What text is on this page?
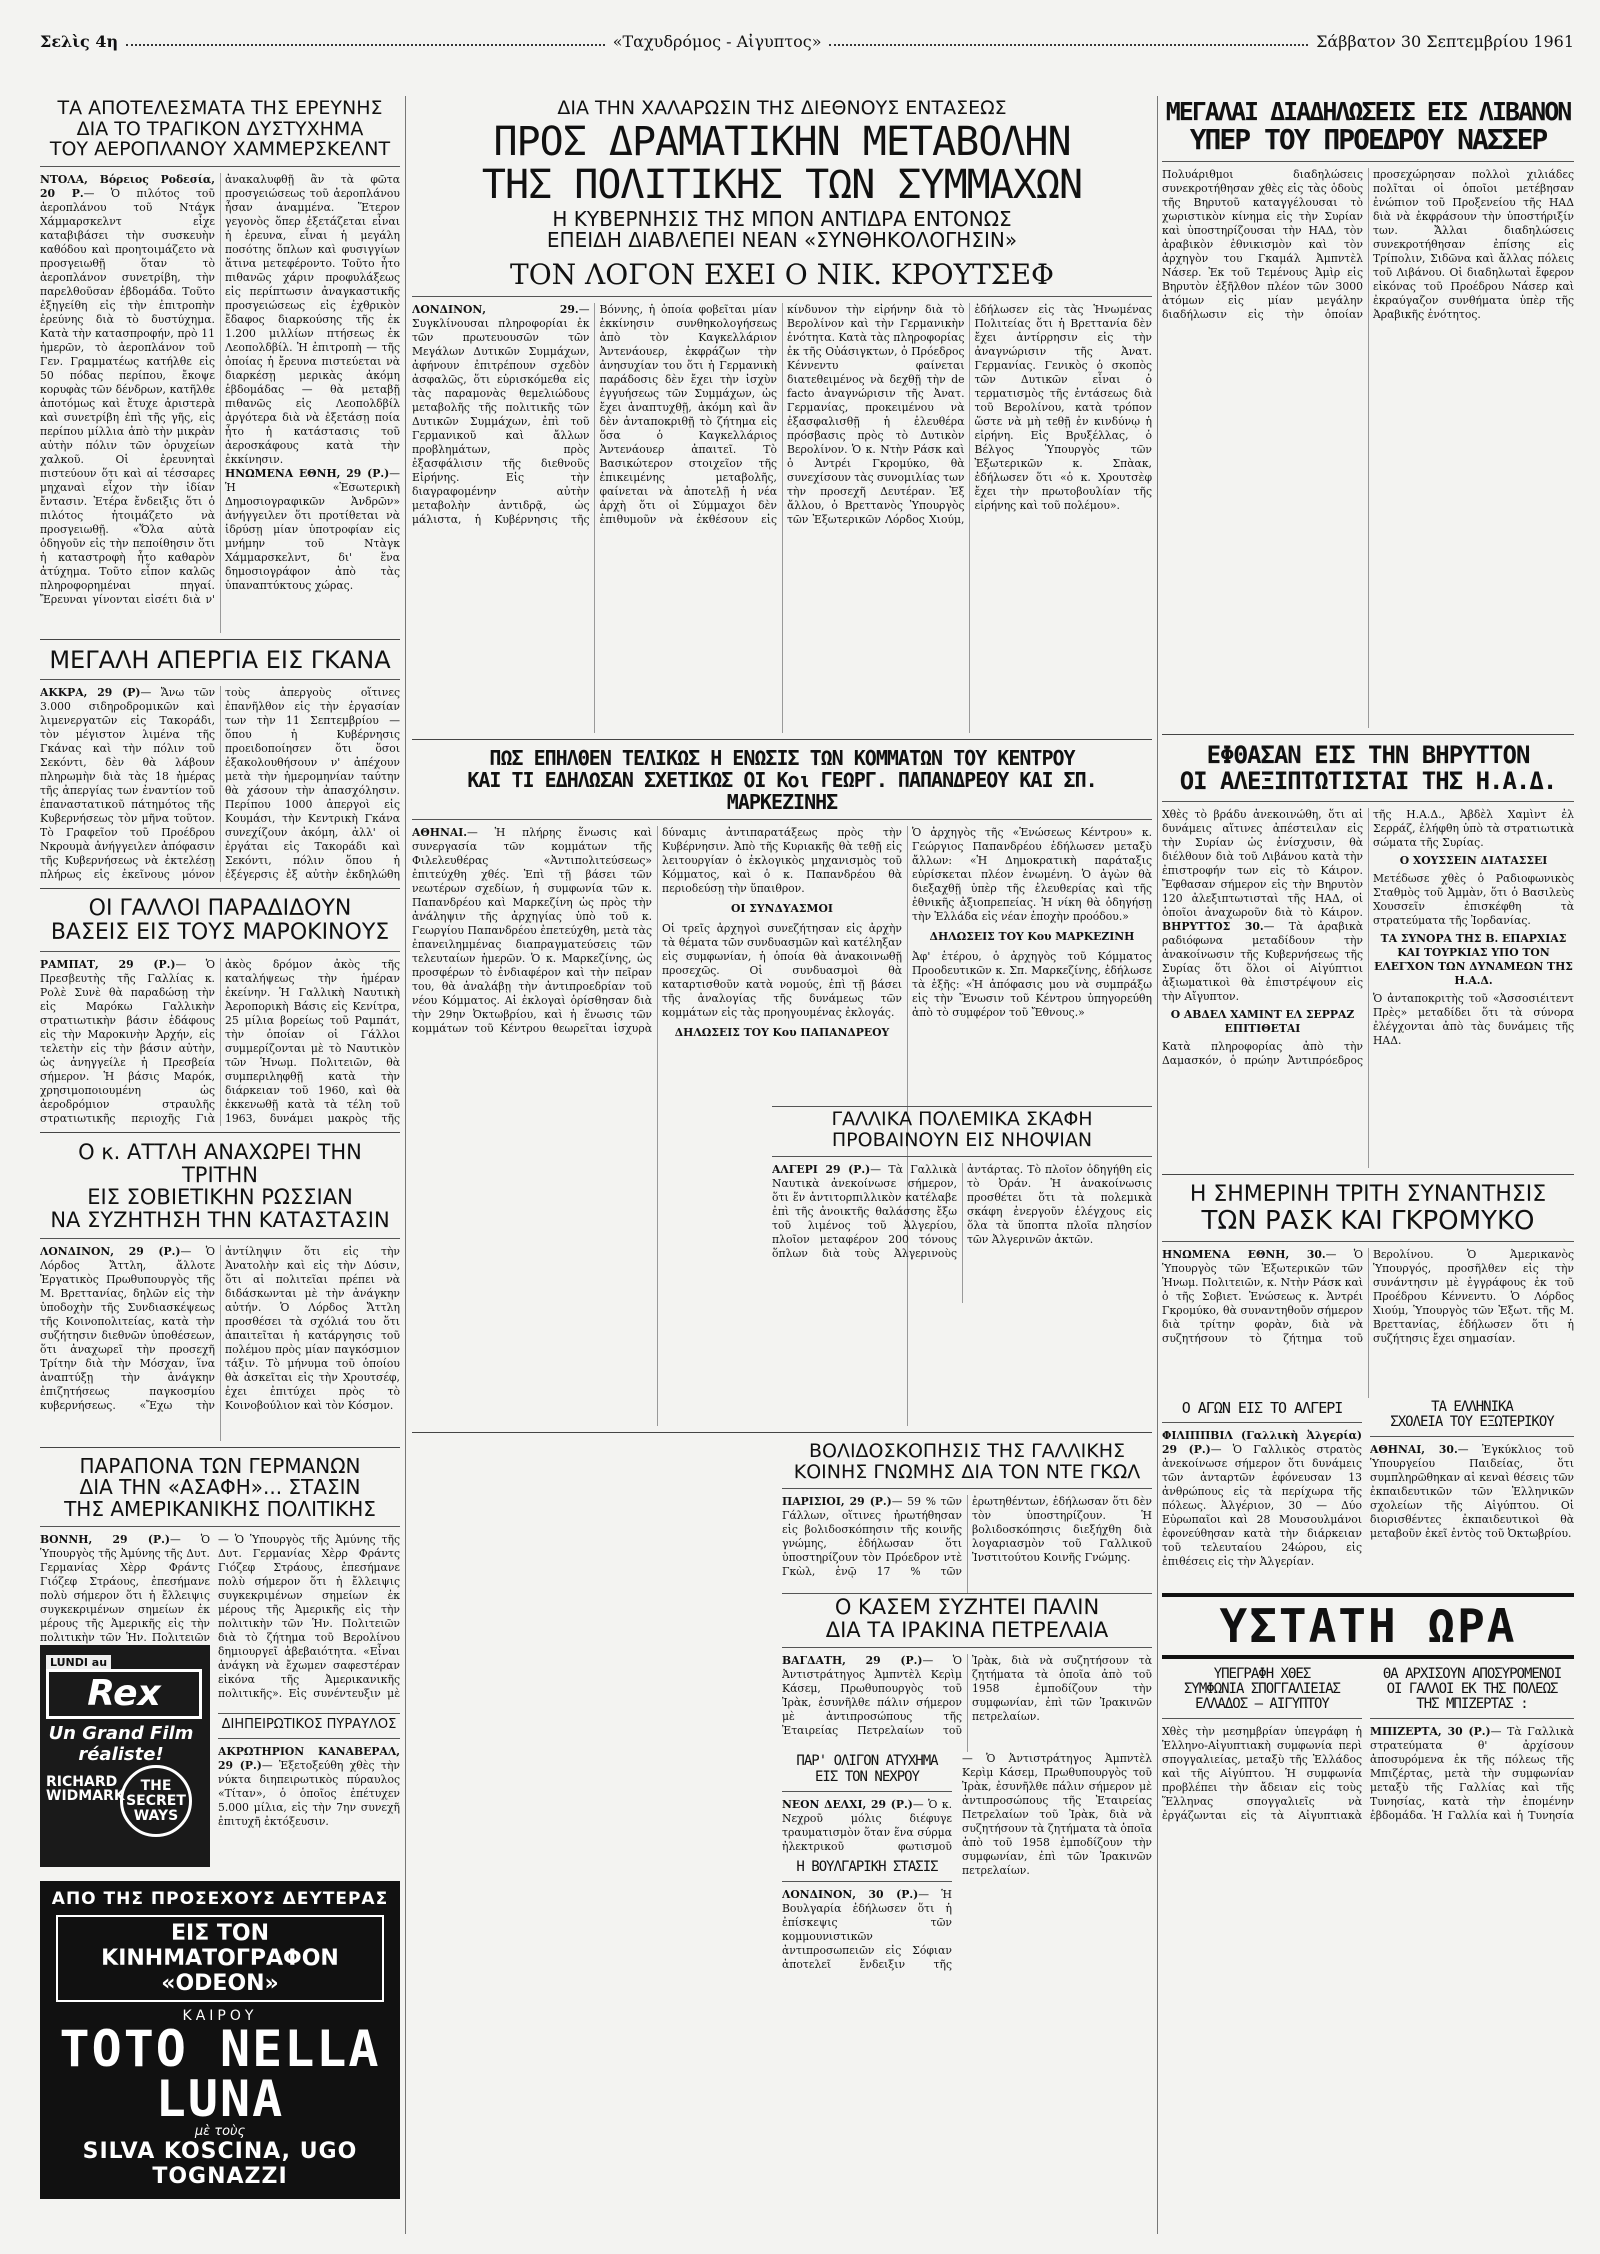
Σελὶς 4η	«Ταχυδρόμος - Αἰγυπτος»	Σάββατον 30 Σεπτεμβρίου 1961
ΤΑ ΑΠΟΤΕΛΕΣΜΑΤΑ ΤΗΣ ΕΡΕΥΝΗΣ
ΔΙΑ ΤΟ ΤΡΑΓΙΚΟΝ ΔΥΣΤΥΧΗΜΑ
ΤΟΥ ΑΕΡΟΠΛΑΝΟΥ ΧΑΜΜΕΡΣΚΕΛΝΤ
ΝΤΟΛΑ, Βόρειος Ροδεσία, 20 Ρ.— Ὁ πιλότος τοῦ ἀεροπλάνου τοῦ Ντάγκ Χάμμαρσκελντ εἶχε καταβιβάσει τὴν συσκευὴν καθόδου καὶ προητοιμάζετο νὰ προσγειωθῇ ὅταν τὸ ἀεροπλάνον συνετρίβη, τὴν παρελθοῦσαν ἑβδομάδα. Τοῦτο ἐξηγείθη εἰς τὴν ἐπιτροπὴν ἐρεύνης διὰ τὸ δυστύχημα. Κατὰ τὴν κατασπροφήν, πρὸ 11 ἡμερῶν, τὸ ἀεροπλάνον τοῦ Γεν. Γραμματέως κατήλθε εἰς 50 πόδας περίπου, ἔκοψε κορυφὰς τῶν δένδρων, κατῆλθε ἀποτόμως καὶ ἔτυχε ἀριστερὰ καὶ συνετρίβη ἐπὶ τῆς γῆς, εἰς περίπου μίλλια ἀπὸ τὴν μικρὰν αὐτὴν πόλιν τῶν ὀρυχείων χαλκοῦ. Οἱ ἐρευνηταὶ πιστεύουν ὅτι καὶ αἱ τέσσαρες μηχαναὶ εἶχον τὴν ἰδίαν ἔντασιν. Ἐτέρα ἔνδειξις ὅτι ὁ πιλότος ἠτοιμάζετο νὰ προσγειωθῇ. «Ὅλα αὐτὰ ὁδηγοῦν εἰς τὴν πεποίθησιν ὅτι ἡ καταστροφὴ ἦτο καθαρὸν ἀτύχημα. Τοῦτο εἶπον καλῶς πληροφορημέναι πηγαί. Ἔρευναι γίνονται εἰσέτι διὰ ν' ἀνακαλυφθῇ ἂν τὰ φῶτα προσγειώσεως τοῦ ἀεροπλάνου ἦσαν ἀναμμένα. Ἕτερον γεγονὸς ὅπερ ἐξετάζεται εἶναι ἡ ἐρευνα, εἶναι ἡ μεγάλη ποσότης ὅπλων καὶ φυσιγγίων ἅτινα μετεφέροντο. Τοῦτο ἦτο πιθανῶς χάριν προφυλάξεως εἰς περίπτωσιν ἀναγκαστικῆς προσγειώσεως εἰς ἐχθρικὸν ἔδαφος διαρκούσης τῆς ἐκ 1.200 μιλλίων πτήσεως ἐκ Λεοπολδβίλ. Ἡ ἐπιτροπὴ — τῆς ὁποίας ἡ ἔρευνα πιστεύεται νὰ διαρκέσῃ μερικὰς ἀκόμη ἑβδομάδας — θὰ μεταβῇ πιθανῶς εἰς Λεοπολδβίλ ἀργότερα διὰ νὰ ἐξετάσῃ ποία ἦτο ἡ κατάστασις τοῦ ἀεροσκάφους κατὰ τὴν ἐκκίνησιν.
ΗΝΩΜΕΝΑ ΕΘΝΗ, 29 (Ρ.)— Ἡ «Ἑσωτερικὴ Δημοσιογραφικῶν Ἀνδρῶν» ἀνήγγειλεν ὅτι προτίθεται νὰ ἱδρύσῃ μίαν ὑποτροφίαν εἰς μνήμην τοῦ Ντὰγκ Χάμμαρσκελντ, δι' ἕνα δημοσιογράφον ἀπὸ τὰς ὑπαναπτύκτους χώρας.
ΜΕΓΑΛΗ ΑΠΕΡΓΙΑ ΕΙΣ ΓΚΑΝΑ
ΑΚΚΡΑ, 29 (Ρ)— Ἄνω τῶν 3.000 σιδηροδρομικῶν καὶ λιμενεργατῶν εἰς Τακοράδι, τὸν μέγιστον λιμένα τῆς Γκάνας καὶ τὴν πόλιν τοῦ Σεκόντι, δὲν θὰ λάβουν πληρωμὴν διὰ τὰς 18 ἡμέρας τῆς ἀπεργίας των ἐναντίον τοῦ ἐπαναστατικοῦ πάτημότος τῆς Κυβερνήσεως τὸν μῆνα τοῦτον. Τὸ Γραφεῖον τοῦ Προέδρου Νκρουμὰ ἀνήγγειλεν ἀπόφασιν τῆς Κυβερνήσεως νὰ ἐκτελέσῃ πλήρως εἰς ἐκεῖνους μόνον τοὺς ἀπεργοὺς οἵτινες ἐπανῆλθον εἰς τὴν ἐργασίαν των τὴν 11 Σεπτεμβρίου — ὅπου ἡ Κυβέρνησις προειδοποίησεν ὅτι ὅσοι ἐξακολουθήσουν ν' ἀπέχουν μετὰ τὴν ἡμερομηνίαν ταύτην θὰ χάσουν τὴν ἀπασχόλησιν. Περίπου 1000 ἀπεργοὶ εἰς Κουμάσι, τὴν Κεντρικὴ Γκάνα συνεχίζουν ἀκόμη, ἀλλ' οἱ ἐργάται εἰς Τακοράδι καὶ Σεκόντι, πόλιν ὅπου ἡ ἐξέγερσις ἐξ αὐτὴν ἐκδηλώθη
ΟΙ ΓΑΛΛΟΙ ΠΑΡΑΔΙΔΟΥΝ
ΒΑΣΕΙΣ ΕΙΣ ΤΟΥΣ ΜΑΡΟΚΙΝΟΥΣ
ΡΑΜΠΑΤ, 29 (Ρ.)— Ὁ Πρεσβευτὴς τῆς Γαλλίας κ. Ρολὲ Συνὲ θὰ παραδώσῃ τὴν εἰς Μαρόκω Γαλλικὴν στρατιωτικὴν βάσιν ἐδάφους εἰς τὴν Μαροκινὴν Ἀρχήν, εἰς τελετὴν εἰς τὴν βάσιν αὐτὴν, ὡς ἀνηγγείλε ἡ Πρεσβεία σήμερον. Ἡ βάσις Μαρόκ, χρησιμοποιουμένη ὡς ἀεροδρόμιον στραυλῆς στρατιωτικῆς περιοχῆς Γιὰ ἀκὸς δρόμον ἀκὸς τῆς καταλήψεως τὴν ἡμέραν ἐκείνην. Ἡ Γαλλικὴ Ναυτικὴ Ἀεροπορικὴ Βάσις εἰς Κενίτρα, 25 μίλια βορείως τοῦ Ραμπάτ, τὴν ὁποίαν οἱ Γάλλοι συμμερίζονται μὲ τὸ Ναυτικὸν τῶν Ἡνωμ. Πολιτειῶν, θὰ συμπεριληφθῇ κατὰ τὴν διάρκειαν τοῦ 1960, καὶ θὰ ἐκκενωθῇ κατὰ τὰ τέλη τοῦ 1963, δυνάμει μακρὸς τῆς
Ο κ. ΑΤΤΛΗ ΑΝΑΧΩΡΕΙ ΤΗΝ ΤΡΙΤΗΝ
ΕΙΣ ΣΟΒΙΕΤΙΚΗΝ ΡΩΣΣΙΑΝ
ΝΑ ΣΥΖΗΤΗΣΗ ΤΗΝ ΚΑΤΑΣΤΑΣΙΝ
ΛΟΝΔΙΝΟΝ, 29 (Ρ.)— Ὁ Λόρδος Ἄττλη, ἄλλοτε Ἐργατικὸς Πρωθυπουργὸς τῆς Μ. Βρεττανίας, δηλῶν εἰς τὴν ὑποδοχὴν τῆς Συνδιασκέψεως τῆς Κοινοπολιτείας, κατὰ τὴν συζήτησιν διεθνῶν ὑποθέσεων, ὅτι ἀναχωρεῖ τὴν προσεχῆ Τρίτην διὰ τὴν Μόσχαν, ἵνα ἀναπτύξῃ τὴν ἀνάγκην ἐπιζητήσεως παγκοσμίου κυβερνήσεως. «Ἔχω τὴν ἀντίληψιν ὅτι εἰς τὴν Ἀνατολὴν καὶ εἰς τὴν Δύσιν, ὅτι αἱ πολιτεῖαι πρέπει νὰ διδάσκωνται μὲ τὴν ἀνάγκην αὐτήν. Ὁ Λόρδος Ἄττλη προσθέσει τὰ σχόλιά του ὅτι ἀπαιτεῖται ἡ κατάργησις τοῦ πολέμου πρὸς μίαν παγκόσμιον τάξιν. Τὸ μήνυμα τοῦ ὁποίου θὰ ἀσκεῖται εἰς τὴν Χρουτσέφ, ἐχει ἐπιτύχει πρὸς τὸ Κοινοβούλιον καὶ τὸν Κόσμον.
ΠΑΡΑΠΟΝΑ ΤΩΝ ΓΕΡΜΑΝΩΝ
ΔΙΑ ΤΗΝ «ΑΣΑΦΗ»... ΣΤΑΣΙΝ
ΤΗΣ ΑΜΕΡΙΚΑΝΙΚΗΣ ΠΟΛΙΤΙΚΗΣ
ΒΟΝΝΗ, 29 (Ρ.)— Ὁ Ὑπουργὸς τῆς Ἀμύνης τῆς Δυτ. Γερμανίας Χὲρρ Φράντς Γιόζεφ Στράους, ἐπεσήμανε πολὺ σήμερον ὅτι ἡ ἔλλειψις συγκεκριμένων σημείων ἐκ μέρους τῆς Ἀμερικῆς εἰς τὴν πολιτικὴν τῶν Ἡν. Πολιτειῶν
LUNDI au
Rex
Un Grand Film réaliste!
RICHARD WIDMARK
THE SECRET WAYS
— Ὁ Ὑπουργὸς τῆς Ἀμύνης τῆς Δυτ. Γερμανίας Χὲρρ Φράντς Γιόζεφ Στράους, ἐπεσήμανε πολὺ σήμερον ὅτι ἡ ἔλλειψις συγκεκριμένων σημείων ἐκ μέρους τῆς Ἀμερικῆς εἰς τὴν πολιτικὴν τῶν Ἡν. Πολιτειῶν διὰ τὸ ζήτημα τοῦ Βερολίνου δημιουργεῖ ἀβεβαιότητα. «Εἶναι ἀνάγκη νὰ ἔχωμεν σαφεστέραν εἰκόνα τῆς Ἀμερικανικῆς πολιτικῆς». Εἰς συνέντευξιν μὲ
ΔΙΗΠΕΙΡΩΤΙΚΟΣ ΠΥΡΑΥΛΟΣ
ΑΚΡΩΤΗΡΙΟΝ ΚΑΝΑΒΕΡΑΛ, 29 (Ρ.)— Ἐξετοξεύθη χθὲς τὴν νύκτα διηπειρωτικὸς πύραυλος «Τίταν», ὁ ὁποῖος ἐπέτυχεν 5.000 μίλια, εἰς τὴν 7ην συνεχῆ ἐπιτυχῆ ἐκτόξευσιν.
ΑΠΟ ΤΗΣ ΠΡΟΣΕΧΟΥΣ ΔΕΥΤΕΡΑΣ
ΕΙΣ ΤΟΝ ΚΙΝΗΜΑΤΟΓΡΑΦΟΝ «ODEON»
ΚΑΙΡΟΥ
TOTO NELLA LUNA
μὲ τοὺς
SILVA KOSCINA, UGO TOGNAZZI
ΔΙΑ ΤΗΝ ΧΑΛΑΡΩΣΙΝ ΤΗΣ ΔΙΕΘΝΟΥΣ ΕΝΤΑΣΕΩΣ
ΠΡΟΣ ΔΡΑΜΑΤΙΚΗΝ ΜΕΤΑΒΟΛΗΝ
ΤΗΣ ΠΟΛΙΤΙΚΗΣ ΤΩΝ ΣΥΜΜΑΧΩΝ
Η ΚΥΒΕΡΝΗΣΙΣ ΤΗΣ ΜΠΟΝ ΑΝΤΙΔΡΑ ΕΝΤΟΝΩΣ
ΕΠΕΙΔΗ ΔΙΑΒΛΕΠΕΙ ΝΕΑΝ «ΣΥΝΘΗΚΟΛΟΓΗΣΙΝ»
ΤΟΝ ΛΟΓΟΝ ΕΧΕΙ Ο ΝΙΚ. ΚΡΟΥΤΣΕΦ
ΛΟΝΔΙΝΟΝ, 29.— Συγκλίνουσαι πληροφορίαι ἐκ τῶν πρωτευουσῶν τῶν Μεγάλων Δυτικῶν Συμμάχων, ἀφήνουν ἐπιτρέπουν σχεδὸν ἀσφαλῶς, ὅτι εὑρισκόμεθα εἰς τὰς παραμονὰς θεμελιώδους μεταβολῆς τῆς πολιτικῆς τῶν Δυτικῶν Συμμάχων, ἐπὶ τοῦ Γερμανικοῦ καὶ ἄλλων προβλημάτων, πρὸς ἐξασφάλισιν τῆς διεθνοῦς Εἰρήνης. Εἰς τὴν διαγραφομένην αὐτὴν μεταβολὴν ἀντιδρᾷ, ὡς μάλιστα, ἡ Κυβέρνησις τῆς Βόννης, ἡ ὁποία φοβεῖται μίαν ἐκκίνησιν συνθηκολογήσεως ἀπὸ τὸν Καγκελλάριον Ἀντενάουερ, ἐκφράζων τὴν ἀνησυχίαν του ὅτι ἡ Γερμανικὴ παράδοσις δὲν ἔχει τὴν ἰσχὺν ἐγγυήσεως τῶν Συμμάχων, ὡς ἔχει ἀναπτυχθῇ, ἀκόμη καὶ ἂν δὲν ἀνταποκριθῇ τὸ ζήτημα εἰς ὅσα ὁ Καγκελλάριος Ἀντενάουερ ἀπαιτεῖ. Τὸ Βασικώτερον στοιχεῖον τῆς ἐπικειμένης μεταβολῆς, φαίνεται νὰ ἀποτελῇ ἡ νέα ἀρχὴ ὅτι οἱ Σύμμαχοι δὲν ἐπιθυμοῦν νὰ ἐκθέσουν εἰς κίνδυνον τὴν εἰρήνην διὰ τὸ Βερολίνον καὶ τὴν Γερμανικὴν ἑνότητα. Κατὰ τὰς πληροφορίας ἐκ τῆς Οὐάσιγκτων, ὁ Πρόεδρος Κέννεντυ φαίνεται διατεθειμένος νὰ δεχθῇ τὴν de facto ἀναγνώρισιν τῆς Ἀνατ. Γερμανίας, προκειμένου νὰ ἐξασφαλισθῇ ἡ ἐλευθέρα πρόσβασις πρὸς τὸ Δυτικὸν Βερολίνον. Ὁ κ. Ντὴν Ράσκ καὶ ὁ Ἀντρέι Γκρομύκο, θὰ συνεχίσουν τὰς συνομιλίας των τὴν προσεχῆ Δευτέραν. Ἐξ ἄλλου, ὁ Βρεττανὸς Ὑπουργὸς τῶν Ἐξωτερικῶν Λόρδος Χιούμ, ἐδήλωσεν εἰς τὰς Ἡνωμένας Πολιτείας ὅτι ἡ Βρεττανία δὲν ἔχει ἀντίρρησιν εἰς τὴν ἀναγνώρισιν τῆς Ἀνατ. Γερμανίας. Γενικὸς ὁ σκοπὸς τῶν Δυτικῶν εἶναι ὁ τερματισμὸς τῆς ἐντάσεως διὰ τοῦ Βερολίνου, κατὰ τρόπον ὥστε νὰ μὴ τεθῇ ἐν κινδύνῳ ἡ εἰρήνη. Εἰς Βρυξέλλας, ὁ Βέλγος Ὑπουργὸς τῶν Ἐξωτερικῶν κ. Σπὰακ, ἐδήλωσεν ὅτι «ὁ κ. Χρουτσὲφ ἔχει τὴν πρωτοβουλίαν τῆς εἰρήνης καὶ τοῦ πολέμου».
ΠΩΣ ΕΠΗΛΘΕΝ ΤΕΛΙΚΩΣ Η ΕΝΩΣΙΣ ΤΩΝ ΚΟΜΜΑΤΩΝ ΤΟΥ ΚΕΝΤΡΟΥ
ΚΑΙ ΤΙ ΕΔΗΛΩΣΑΝ ΣΧΕΤΙΚΩΣ ΟΙ Κοι ΓΕΩΡΓ. ΠΑΠΑΝΔΡΕΟΥ ΚΑΙ ΣΠ. ΜΑΡΚΕΖΙΝΗΣ
ΑΘΗΝΑΙ.— Ἡ πλήρης ἕνωσις καὶ συνεργασία τῶν κομμάτων τῆς Φιλελευθέρας «Ἀντιπολιτεύσεως» ἐπιτεύχθη χθές. Ἐπὶ τῇ βάσει τῶν νεωτέρων σχεδίων, ἡ συμφωνία τῶν κ. Παπανδρέου καὶ Μαρκεζίνη ὡς πρὸς τὴν ἀνάληψιν τῆς ἀρχηγίας ὑπὸ τοῦ κ. Γεωργίου Παπανδρέου ἐπετεύχθη, μετὰ τὰς ἐπανειλημμένας διαπραγματεύσεις τῶν τελευταίων ἡμερῶν. Ὁ κ. Μαρκεζίνης, ὡς προσφέρων τὸ ἐνδιαφέρον καὶ τὴν πεῖραν του, θὰ ἀναλάβῃ τὴν ἀντιπροεδρίαν τοῦ νέου Κόμματος. Αἱ ἐκλογαὶ ὁρίσθησαν διὰ τὴν 29ην Ὀκτωβρίου, καὶ ἡ ἕνωσις τῶν κομμάτων τοῦ Κέντρου θεωρεῖται ἰσχυρὰ δύναμις ἀντιπαρατάξεως πρὸς τὴν Κυβέρνησιν. Ἀπὸ τῆς Κυριακῆς θὰ τεθῇ εἰς λειτουργίαν ὁ ἐκλογικὸς μηχανισμὸς τοῦ Κόμματος, καὶ ὁ κ. Παπανδρέου θὰ περιοδεύσῃ τὴν ὕπαιθρον.
ΟΙ ΣΥΝΔΥΑΣΜΟΙ
Οἱ τρεῖς ἀρχηγοὶ συνεζήτησαν εἰς ἀρχὴν τὰ θέματα τῶν συνδυασμῶν καὶ κατέληξαν εἰς συμφωνίαν, ἡ ὁποία θὰ ἀνακοινωθῇ προσεχῶς. Οἱ συνδυασμοὶ θὰ καταρτισθοῦν κατὰ νομούς, ἐπὶ τῇ βάσει τῆς ἀναλογίας τῆς δυνάμεως τῶν κομμάτων εἰς τὰς προηγουμένας ἐκλογάς.
ΔΗΛΩΣΕΙΣ ΤΟΥ Κου ΠΑΠΑΝΔΡΕΟΥ
Ὁ ἀρχηγὸς τῆς «Ἑνώσεως Κέντρου» κ. Γεώργιος Παπανδρέου ἐδήλωσεν μεταξὺ ἄλλων: «Ἡ Δημοκρατικὴ παράταξις εὑρίσκεται πλέον ἑνωμένη. Ὁ ἀγὼν θὰ διεξαχθῇ ὑπὲρ τῆς ἐλευθερίας καὶ τῆς ἐθνικῆς ἀξιοπρεπείας. Ἡ νίκη θὰ ὁδηγήσῃ τὴν Ἑλλάδα εἰς νέαν ἐποχὴν προόδου.»
ΔΗΛΩΣΕΙΣ ΤΟΥ Κου ΜΑΡΚΕΖΙΝΗ
Ἀφ' ἑτέρου, ὁ ἀρχηγὸς τοῦ Κόμματος Προοδευτικῶν κ. Σπ. Μαρκεζίνης, ἐδήλωσε τὰ ἑξῆς: «Ἡ ἀπόφασις μου νὰ συμπράξω εἰς τὴν Ἕνωσιν τοῦ Κέντρου ὑπηγορεύθη ἀπὸ τὸ συμφέρον τοῦ Ἔθνους.»
ΓΑΛΛΙΚΑ ΠΟΛΕΜΙΚΑ ΣΚΑΦΗ
ΠΡΟΒΑΙΝΟΥΝ ΕΙΣ ΝΗΟΨΙΑΝ
ΑΛΓΕΡΙ 29 (Ρ.)— Τὰ Γαλλικὰ Ναυτικὰ ἀνεκοίνωσε σήμερον, ὅτι ἕν ἀντιτορπιλλικὸν κατέλαβε ἐπὶ τῆς ἀνοικτῆς θαλάσσης ἔξω τοῦ λιμένος τοῦ Ἀλγερίου, πλοῖον μεταφέρον 200 τόνους ὅπλων διὰ τοὺς Ἀλγερινοὺς ἀντάρτας. Τὸ πλοῖον ὁδηγήθη εἰς τὸ Ὀράν. Ἡ ἀνακοίνωσις προσθέτει ὅτι τὰ πολεμικὰ σκάφη ἐνεργοῦν ἐλέγχους εἰς ὅλα τὰ ὕποπτα πλοῖα πλησίον τῶν Ἀλγερινῶν ἀκτῶν.
ΒΟΛΙΔΟΣΚΟΠΗΣΙΣ ΤΗΣ ΓΑΛΛΙΚΗΣ
ΚΟΙΝΗΣ ΓΝΩΜΗΣ ΔΙΑ ΤΟΝ ΝΤΕ ΓΚΩΛ
ΠΑΡΙΣΙΟΙ, 29 (Ρ.)— 59 % τῶν Γάλλων, οἵτινες ἠρωτήθησαν εἰς βολιδοσκόπησιν τῆς κοινῆς γνώμης, ἐδήλωσαν ὅτι ὑποστηρίζουν τὸν Πρόεδρον ντὲ Γκὼλ, ἐνῷ 17 % τῶν ἐρωτηθέντων, ἐδήλωσαν ὅτι δὲν τὸν ὑποστηρίζουν. Ἡ βολιδοσκόπησις διεξήχθη διὰ λογαριασμὸν τοῦ Γαλλικοῦ Ἰνστιτούτου Κοινῆς Γνώμης.
Ο ΚΑΣΕΜ ΣΥΖΗΤΕΙ ΠΑΛΙΝ
ΔΙΑ ΤΑ ΙΡΑΚΙΝΑ ΠΕΤΡΕΛΑΙΑ
ΒΑΓΔΑΤΗ, 29 (Ρ.)— Ὁ Ἀντιστράτηγος Ἀμπντὲλ Κερὶμ Κάσεμ, Πρωθυπουργὸς τοῦ Ἰρὰκ, ἐσυνῆλθε πάλιν σήμερον μὲ ἀντιπροσώπους τῆς Ἐταιρείας Πετρελαίων τοῦ Ἰρὰκ, διὰ νὰ συζητήσουν τὰ ζητήματα τὰ ὁποῖα ἀπὸ τοῦ 1958 ἐμποδίζουν τὴν συμφωνίαν, ἐπὶ τῶν Ἰρακινῶν πετρελαίων.
ΠΑΡ' ΟΛΙΓΟΝ ΑΤΥΧΗΜΑ
ΕΙΣ ΤΟΝ ΝΕΧΡΟΥ
ΝΕΟΝ ΔΕΛΧΙ, 29 (Ρ.)— Ὁ κ. Νεχροῦ μόλις διέφυγε τραυματισμὸν ὅταν ἕνα σύρμα ἠλεκτρικοῦ φωτισμοῦ
Η ΒΟΥΛΓΑΡΙΚΗ ΣΤΑΣΙΣ
ΛΟΝΔΙΝΟΝ, 30 (Ρ.)— Ἡ Βουλγαρία ἐδήλωσεν ὅτι ἡ ἐπίσκεψις τῶν κομμουνιστικῶν ἀντιπροσωπειῶν εἰς Σόφιαν ἀποτελεῖ ἔνδειξιν τῆς
— Ὁ Ἀντιστράτηγος Ἀμπντὲλ Κερὶμ Κάσεμ, Πρωθυπουργὸς τοῦ Ἰρὰκ, ἐσυνῆλθε πάλιν σήμερον μὲ ἀντιπροσώπους τῆς Ἐταιρείας Πετρελαίων τοῦ Ἰρὰκ, διὰ νὰ συζητήσουν τὰ ζητήματα τὰ ὁποῖα ἀπὸ τοῦ 1958 ἐμποδίζουν τὴν συμφωνίαν, ἐπὶ τῶν Ἰρακινῶν πετρελαίων.
ΜΕΓΑΛΑΙ ΔΙΑΔΗΛΩΣΕΙΣ ΕΙΣ ΛΙΒΑΝΟΝ
ΥΠΕΡ ΤΟΥ ΠΡΟΕΔΡΟΥ ΝΑΣΣΕΡ
Πολυάριθμοι διαδηλώσεις συνεκροτήθησαν χθὲς εἰς τὰς ὁδοὺς τῆς Βηρυτοῦ καταγγέλουσαι τὸ χωριστικὸν κίνημα εἰς τὴν Συρίαν καὶ ὑποστηρίζουσαι τὴν ΗΑΔ, τὸν ἀραβικὸν ἐθνικισμὸν καὶ τὸν ἀρχηγὸν του Γκαμάλ Ἀμπντὲλ Νάσερ. Ἐκ τοῦ Τεμένους Ἀμὶρ εἰς Βηρυτὸν ἐξῆλθον πλέον τῶν 3000 ἀτόμων εἰς μίαν μεγάλην διαδήλωσιν εἰς τὴν ὁποίαν προσεχώρησαν πολλοὶ χιλιάδες πολῖται οἱ ὁποῖοι μετέβησαν ἐνώπιον τοῦ Προξενείου τῆς ΗΑΔ διὰ νὰ ἐκφράσουν τὴν ὑποστήριξίν των. Ἄλλαι διαδηλώσεις συνεκροτήθησαν ἐπίσης εἰς Τρίπολιν, Σιδῶνα καὶ ἄλλας πόλεις τοῦ Λιβάνου. Οἱ διαδηλωταὶ ἔφερον εἰκόνας τοῦ Προέδρου Νάσερ καὶ ἐκραύγαζον συνθήματα ὑπὲρ τῆς Ἀραβικῆς ἑνότητος.
ΕΦΘΑΣΑΝ ΕΙΣ ΤΗΝ ΒΗΡΥΤΤΟΝ
ΟΙ ΑΛΕΞΙΠΤΩΤΙΣΤΑΙ ΤΗΣ Η.Α.Δ.
Χθὲς τὸ βράδυ ἀνεκοινώθη, ὅτι αἱ δυνάμεις αἵτινες ἀπέστειλαν εἰς τὴν Συρίαν ὡς ἐνίσχυσιν, θὰ διέλθουν διὰ τοῦ Λιβάνου κατὰ τὴν ἐπιστροφήν των εἰς τὸ Κάιρον. Ἔφθασαν σήμερον εἰς τὴν Βηρυτὸν 120 ἀλεξιπτωτισταὶ τῆς ΗΑΔ, οἱ ὁποῖοι ἀναχωροῦν διὰ τὸ Κάιρον. ΒΗΡΥΤΤΟΣ 30.— Τὰ ἀραβικὰ ραδιόφωνα μεταδίδουν τὴν ἀνακοίνωσιν τῆς Κυβερνήσεως τῆς Συρίας ὅτι ὅλοι οἱ Αἰγύπτιοι ἀξιωματικοὶ θὰ ἐπιστρέψουν εἰς τὴν Αἴγυπτον.
Ο ΑΒΔΕΛ ΧΑΜΙΝΤ ΕΛ ΣΕΡΡΑΖ ΕΠΙΤΙΘΕΤΑΙ
Κατὰ πληροφορίας ἀπὸ τὴν Δαμασκόν, ὁ πρώην Ἀντιπρόεδρος τῆς Η.Α.Δ., Ἀβδὲλ Χαμὶντ ἐλ Σερράζ, ἐλήφθη ὑπὸ τὰ στρατιωτικὰ σώματα τῆς Συρίας.
Ο ΧΟΥΣΣΕΙΝ ΔΙΑΤΑΣΣΕΙ
Μετέδωσε χθὲς ὁ Ραδιοφωνικὸς Σταθμὸς τοῦ Ἀμμὰν, ὅτι ὁ Βασιλεὺς Χουσσεῖν ἐπισκέφθη τὰ στρατεύματα τῆς Ἰορδανίας.
ΤΑ ΣΥΝΟΡΑ ΤΗΣ Β. ΕΠΑΡΧΙΑΣ ΚΑΙ ΤΟΥΡΚΙΑΣ ΥΠΟ ΤΟΝ ΕΛΕΓΧΟΝ ΤΩΝ ΔΥΝΑΜΕΩΝ ΤΗΣ Η.Α.Δ.
Ὁ ἀνταποκριτὴς τοῦ «Ἀσσοσιέιτεντ Πρὲς» μεταδίδει ὅτι τὰ σύνορα ἐλέγχονται ἀπὸ τὰς δυνάμεις τῆς ΗΑΔ.
Η ΣΗΜΕΡΙΝΗ ΤΡΙΤΗ ΣΥΝΑΝΤΗΣΙΣ
ΤΩΝ ΡΑΣΚ ΚΑΙ ΓΚΡΟΜΥΚΟ
ΗΝΩΜΕΝΑ ΕΘΝΗ, 30.— Ὁ Ὑπουργὸς τῶν Ἐξωτερικῶν τῶν Ἡνωμ. Πολιτειῶν, κ. Ντὴν Ράσκ καὶ ὁ τῆς Σοβιετ. Ἑνώσεως κ. Ἀντρέι Γκρομύκο, θὰ συναντηθοῦν σήμερον διὰ τρίτην φορὰν, διὰ νὰ συζητήσουν τὸ ζήτημα τοῦ Βερολίνου. Ὁ Ἀμερικανὸς Ὑπουργός, προσῆλθεν εἰς τὴν συνάντησιν μὲ ἐγγράφους ἐκ τοῦ Προέδρου Κέννεντυ. Ὁ Λόρδος Χιούμ, Ὑπουργὸς τῶν Ἐξωτ. τῆς Μ. Βρεττανίας, ἐδήλωσεν ὅτι ἡ συζήτησις ἔχει σημασίαν.
Ο ΑΓΩΝ ΕΙΣ ΤΟ ΑΛΓΕΡΙ
ΦΙΛΙΠΠΒΙΛ (Γαλλικὴ Ἀλγερία) 29 (Ρ.)— Ὁ Γαλλικὸς στρατὸς ἀνεκοίνωσε σήμερον ὅτι δυνάμεις τῶν ἀνταρτῶν ἐφόνευσαν 13 ἀνθρώπους εἰς τὰ περίχωρα τῆς πόλεως. Ἀλγέριον, 30 — Δύο Εὐρωπαῖοι καὶ 28 Μουσουλμάνοι ἐφονεύθησαν κατὰ τὴν διάρκειαν τοῦ τελευταίου 24ώρου, εἰς ἐπιθέσεις εἰς τὴν Ἀλγερίαν.
ΤΑ ΕΛΛΗΝΙΚΑ
ΣΧΟΛΕΙΑ ΤΟΥ ΕΞΩΤΕΡΙΚΟΥ
ΑΘΗΝΑΙ, 30.— Ἐγκύκλιος τοῦ Ὑπουργείου Παιδείας, ὅτι συμπληρῶθηκαν αἱ κεναὶ θέσεις τῶν ἐκπαιδευτικῶν τῶν Ἑλληνικῶν σχολείων τῆς Αἰγύπτου. Οἱ διορισθέντες ἐκπαιδευτικοὶ θὰ μεταβοῦν ἐκεῖ ἐντὸς τοῦ Ὀκτωβρίου.
ΥΣΤΑΤΗ ΩΡΑ
ΥΠΕΓΡΑΦΗ ΧΘΕΣ
ΣΥΜΦΩΝΙΑ ΣΠΟΓΓΑΛΙΕΙΑΣ
ΕΛΛΑΔΟΣ — ΑΙΓΥΠΤΟΥ
Χθὲς τὴν μεσημβρίαν ὑπεγράφη ἡ Ἑλληνο-Αἰγυπτιακὴ συμφωνία περὶ σπογγαλιείας, μεταξὺ τῆς Ἑλλάδος καὶ τῆς Αἰγύπτου. Ἡ συμφωνία προβλέπει τὴν ἄδειαν εἰς τοὺς Ἕλληνας σπογγαλιεῖς νὰ ἐργάζωνται εἰς τὰ Αἰγυπτιακὰ
ΘΑ ΑΡΧΙΣΟΥΝ ΑΠΟΣΥΡΟΜΕΝΟΙ
ΟΙ ΓΑΛΛΟΙ ΕΚ ΤΗΣ ΠΟΛΕΩΣ
ΤΗΣ ΜΠΙΖΕΡΤΑΣ :
ΜΠΙΖΕΡΤΑ, 30 (Ρ.)— Τὰ Γαλλικὰ στρατεύματα θ' ἀρχίσουν ἀποσυρόμενα ἐκ τῆς πόλεως τῆς Μπιζέρτας, μετὰ τὴν συμφωνίαν μεταξὺ τῆς Γαλλίας καὶ τῆς Τυνησίας, κατὰ τὴν ἐπομένην ἑβδομάδα. Ἡ Γαλλία καὶ ἡ Τυνησία
